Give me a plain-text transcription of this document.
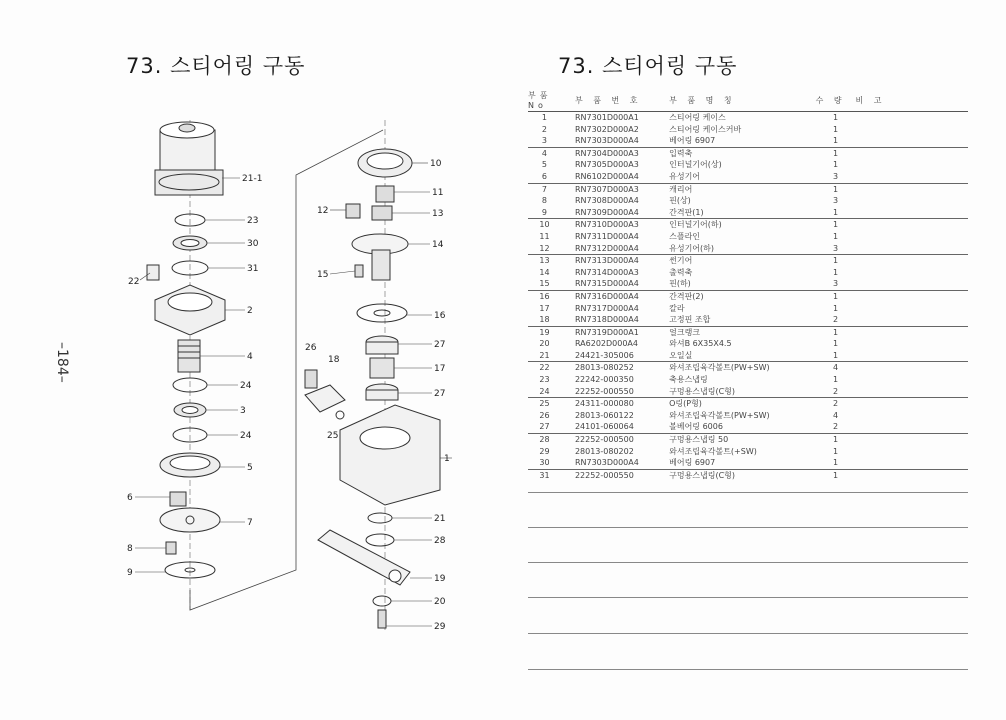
73. 스티어링 구동	73. 스티어링 구동
–184–
21-1
23
30
31
22
2
4
24
3
24
5
6
7
8
9
10
11
12	13
14
15
16
26
18
27
17
27
25
1
21
28
19
20
29
부품No	부 품 번 호	부 품 명 칭	수 량	비 고
1	RN7301D000A1	스티어링 케이스	1	
2	RN7302D000A2	스티어링 케이스커바	1	
3	RN7303D000A4	베어링 6907	1	
4	RN7304D000A3	입력축	1	
5	RN7305D000A3	인터널기어(상)	1	
6	RN6102D000A4	유성기어	3	
7	RN7307D000A3	캐리어	1	
8	RN7308D000A4	핀(상)	3	
9	RN7309D000A4	간격판(1)	1	
10	RN7310D000A3	인터널기어(하)	1	
11	RN7311D000A4	스플라인	1	
12	RN7312D000A4	유성기어(하)	3	
13	RN7313D000A4	썬기어	1	
14	RN7314D000A3	출력축	1	
15	RN7315D000A4	핀(하)	3	
16	RN7316D000A4	간격판(2)	1	
17	RN7317D000A4	칼라	1	
18	RN7318D000A4	고정핀 조합	2	
19	RN7319D000A1	얼크랭크	1	
20	RA6202D000A4	와셔B 6X35X4.5	1	
21	24421-305006	오일실	1	
22	28013-080252	와셔조립육각볼트(PW+SW)	4	
23	22242-000350	축용스냅링	1	
24	22252-000550	구멍용스냅링(C형)	2	
25	24311-000080	O링(P형)	2	
26	28013-060122	와셔조립육각볼트(PW+SW)	4	
27	24101-060064	볼베어링 6006	2	
28	22252-000500	구멍용스냅링 50	1	
29	28013-080202	와셔조립육각볼트(+SW)	1	
30	RN7303D000A4	베어링 6907	1	
31	22252-000550	구멍용스냅링(C형)	1	
